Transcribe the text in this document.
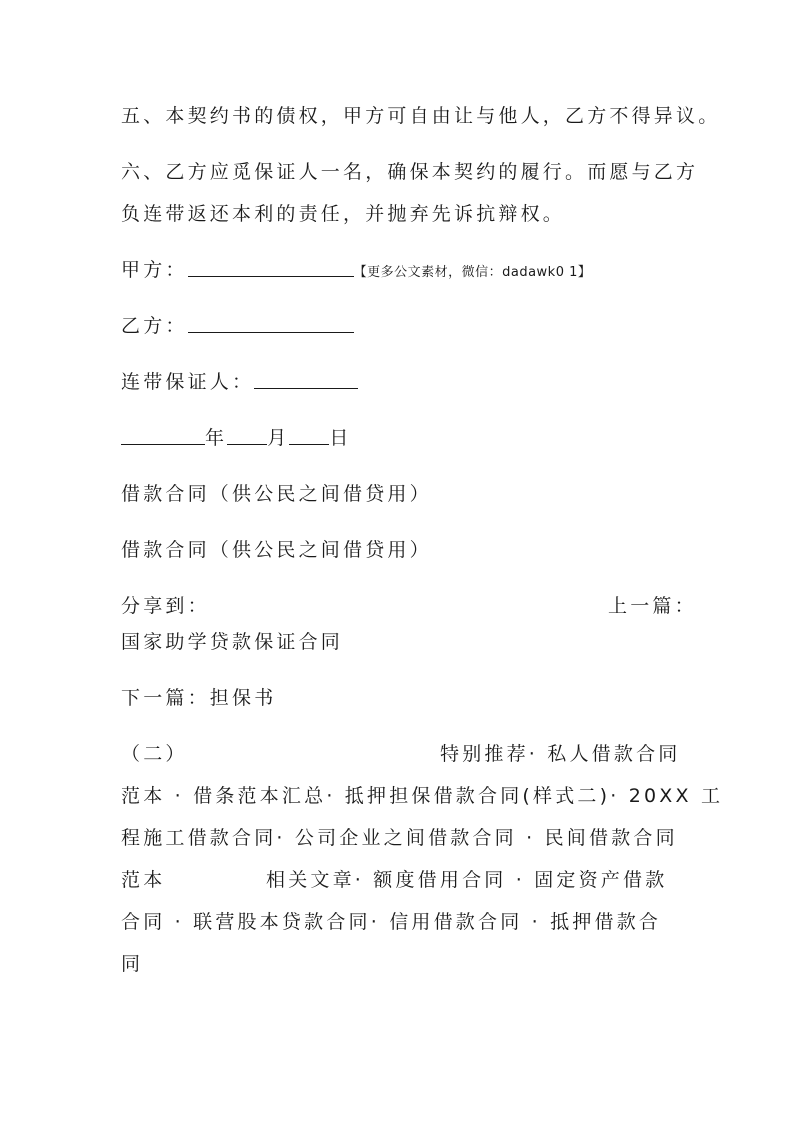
五、本契约书的债权，甲方可自由让与他人，乙方不得异议。
六、乙方应觅保证人一名，确保本契约的履行。而愿与乙方
负连带返还本利的责任，并抛弃先诉抗辩权。
甲方：	【更多公文素材，微信：dadawk0 1】
乙方：
连带保证人：
年 月 日
借款合同（供公民之间借贷用）
借款合同（供公民之间借贷用）
分享到：	上一篇：
国家助学贷款保证合同
下一篇：担保书
（二）	特别推荐· 私人借款合同
范本 · 借条范本汇总· 抵押担保借款合同(样式二)· 20XX 工
程施工借款合同· 公司企业之间借款合同 · 民间借款合同
范本	相关文章· 额度借用合同 · 固定资产借款
合同 · 联营股本贷款合同· 信用借款合同 · 抵押借款合
同
